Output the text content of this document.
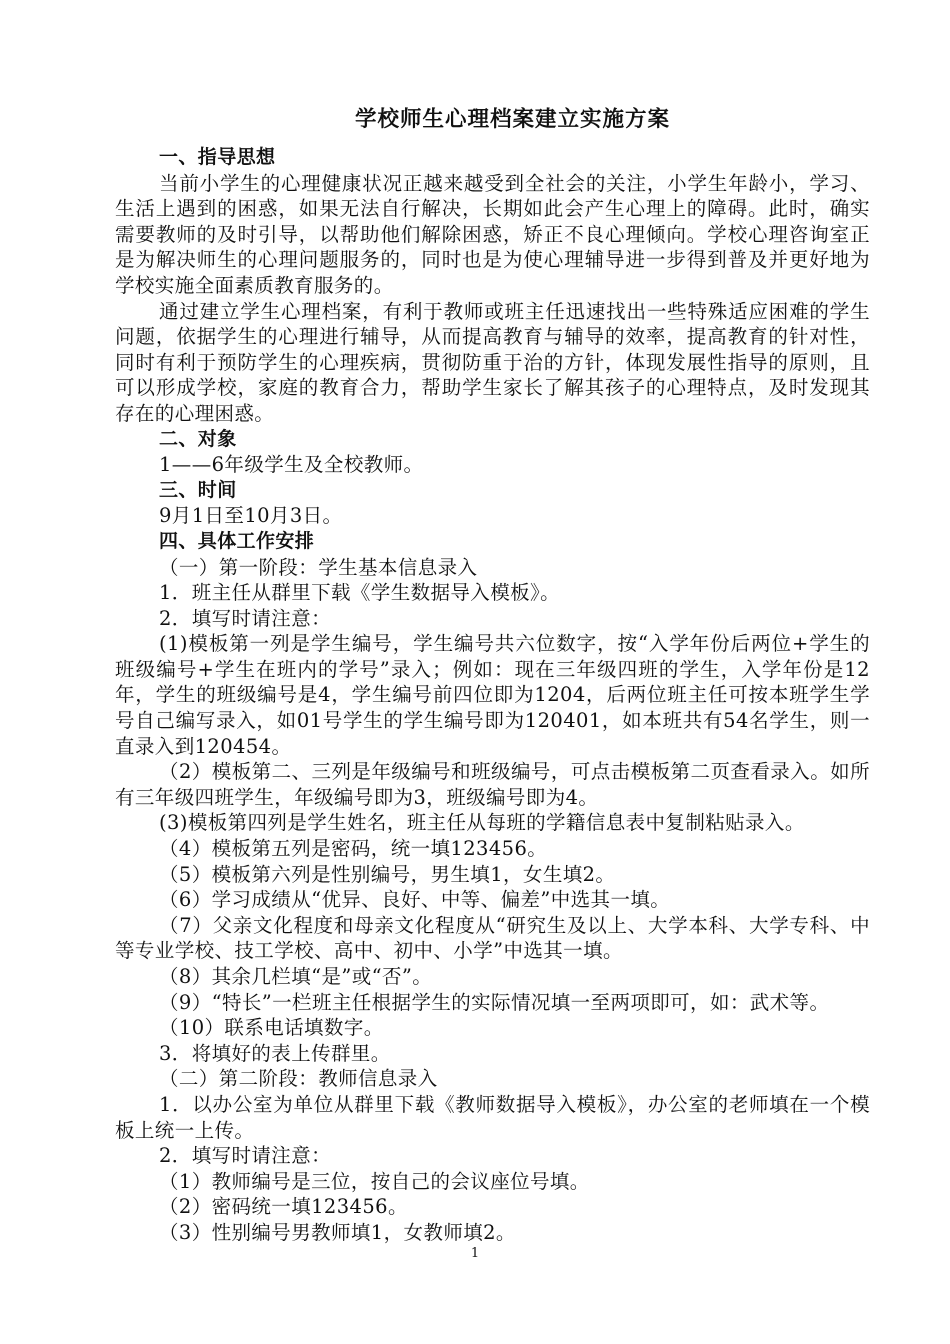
学校师生心理档案建立实施方案

一、指导思想

当前小学生的心理健康状况正越来越受到全社会的关注，小学生年龄小，学习、生活上遇到的困惑，如果无法自行解决，长期如此会产生心理上的障碍。此时，确实需要教师的及时引导，以帮助他们解除困惑，矫正不良心理倾向。学校心理咨询室正是为解决师生的心理问题服务的，同时也是为使心理辅导进一步得到普及并更好地为学校实施全面素质教育服务的。

通过建立学生心理档案，有利于教师或班主任迅速找出一些特殊适应困难的学生问题，依据学生的心理进行辅导，从而提高教育与辅导的效率，提高教育的针对性，同时有利于预防学生的心理疾病，贯彻防重于治的方针，体现发展性指导的原则，且可以形成学校，家庭的教育合力，帮助学生家长了解其孩子的心理特点，及时发现其存在的心理困惑。

二、对象

1——6年级学生及全校教师。

三、时间

9月1日至10月3日。

四、具体工作安排

（一）第一阶段：学生基本信息录入

1．班主任从群里下载《学生数据导入模板》。

2．填写时请注意：

(1)模板第一列是学生编号，学生编号共六位数字，按“入学年份后两位+学生的班级编号+学生在班内的学号”录入；例如：现在三年级四班的学生，入学年份是12年，学生的班级编号是4，学生编号前四位即为1204，后两位班主任可按本班学生学号自己编写录入，如01号学生的学生编号即为120401，如本班共有54名学生，则一直录入到120454。

（2）模板第二、三列是年级编号和班级编号，可点击模板第二页查看录入。如所有三年级四班学生，年级编号即为3，班级编号即为4。

(3)模板第四列是学生姓名，班主任从每班的学籍信息表中复制粘贴录入。

（4）模板第五列是密码，统一填123456。

（5）模板第六列是性别编号，男生填1，女生填2。

（6）学习成绩从“优异、良好、中等、偏差”中选其一填。

（7）父亲文化程度和母亲文化程度从“研究生及以上、大学本科、大学专科、中等专业学校、技工学校、高中、初中、小学”中选其一填。

（8）其余几栏填“是”或“否”。

（9）“特长”一栏班主任根据学生的实际情况填一至两项即可，如：武术等。

（10）联系电话填数字。

3．将填好的表上传群里。

（二）第二阶段：教师信息录入

1．以办公室为单位从群里下载《教师数据导入模板》，办公室的老师填在一个模板上统一上传。

2．填写时请注意：

（1）教师编号是三位，按自己的会议座位号填。

（2）密码统一填123456。

（3）性别编号男教师填1，女教师填2。

1
